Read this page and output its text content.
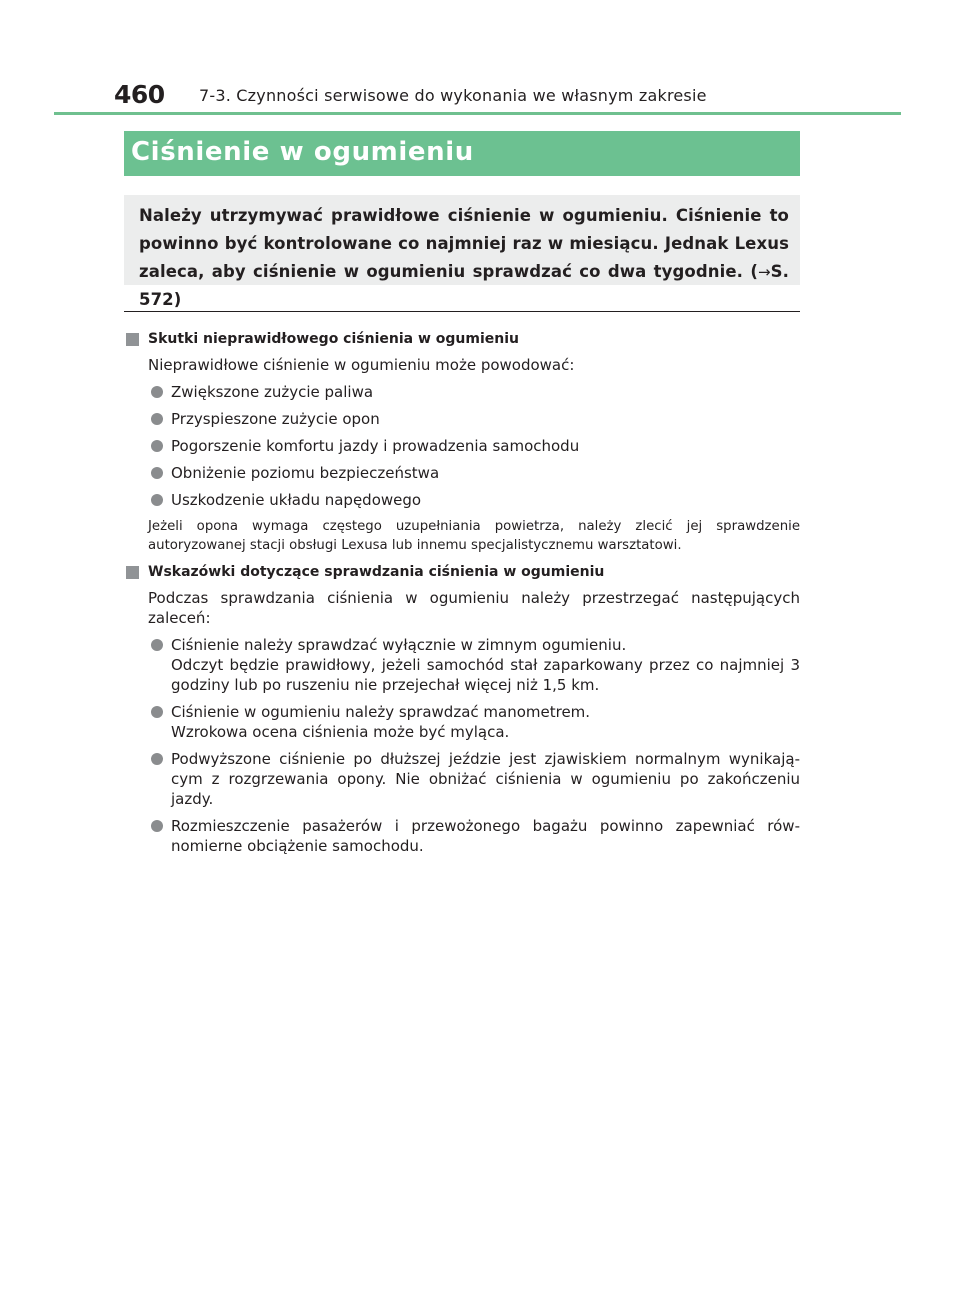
460 7-3. Czynności serwisowe do wykonania we własnym zakresie
Ciśnienie w ogumieniu
Należy utrzymywać prawidłowe ciśnienie w ogumieniu. Ciśnienie to powinno być kontrolowane co najmniej raz w miesiącu. Jednak Lexus zaleca, aby ciśnienie w ogumieniu sprawdzać co dwa tygodnie. (→S. 572)
Skutki nieprawidłowego ciśnienia w ogumieniu
Nieprawidłowe ciśnienie w ogumieniu może powodować:
Zwiększone zużycie paliwa
Przyspieszone zużycie opon
Pogorszenie komfortu jazdy i prowadzenia samochodu
Obniżenie poziomu bezpieczeństwa
Uszkodzenie układu napędowego
Jeżeli opona wymaga częstego uzupełniania powietrza, należy zlecić jej sprawdzenie autoryzowanej stacji obsługi Lexusa lub innemu specjalistycznemu warsztatowi.
Wskazówki dotyczące sprawdzania ciśnienia w ogumieniu
Podczas sprawdzania ciśnienia w ogumieniu należy przestrzegać następujących zaleceń:
Ciśnienie należy sprawdzać wyłącznie w zimnym ogumieniu.
Odczyt będzie prawidłowy, jeżeli samochód stał zaparkowany przez co najmniej 3 godziny lub po ruszeniu nie przejechał więcej niż 1,5 km.
Ciśnienie w ogumieniu należy sprawdzać manometrem.
Wzrokowa ocena ciśnienia może być myląca.
Podwyższone ciśnienie po dłuższej jeździe jest zjawiskiem normalnym wynikają-cym z rozgrzewania opony. Nie obniżać ciśnienia w ogumieniu po zakończeniu jazdy.
Rozmieszczenie pasażerów i przewożonego bagażu powinno zapewniać rów-nomierne obciążenie samochodu.
